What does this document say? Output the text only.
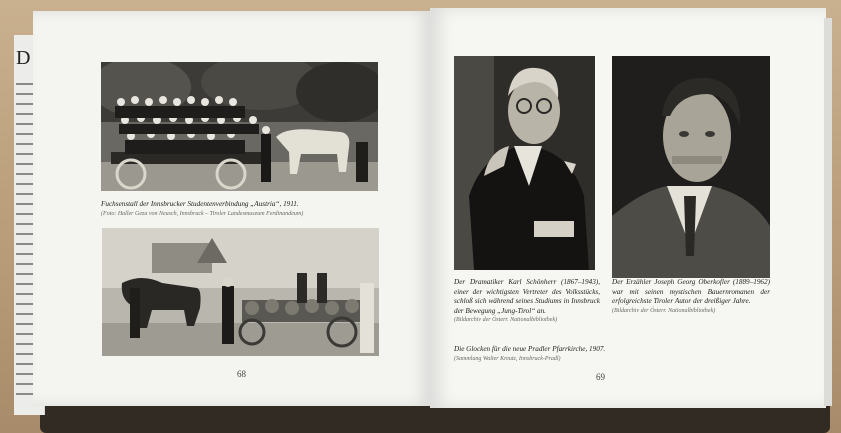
D
Fuchsenstall der Innsbrucker Studentenverbindung „Austria“, 1911.
(Foto: Haller Geza von Neusch, Innsbruck – Tiroler Landesmuseum Ferdinandeum)
68
Der Dramatiker Karl Schönherr (1867–1943), einer der wichtigsten Vertreter des Volksstücks, schloß sich während seines Studiums in Innsbruck der Bewegung „Jung-Tirol“ an.
(Bildarchiv der Österr. Nationalbibliothek)
Der Erzähler Joseph Georg Oberkofler (1889–1962) war mit seinen mystischen Bauernromanen der erfolgreichste Tiroler Autor der dreißiger Jahre.
(Bildarchiv der Österr. Nationalbibliothek)
Die Glocken für die neue Pradler Pfarrkirche, 1907.
(Sammlung Walter Kreutz, Innsbruck-Pradl)
69
